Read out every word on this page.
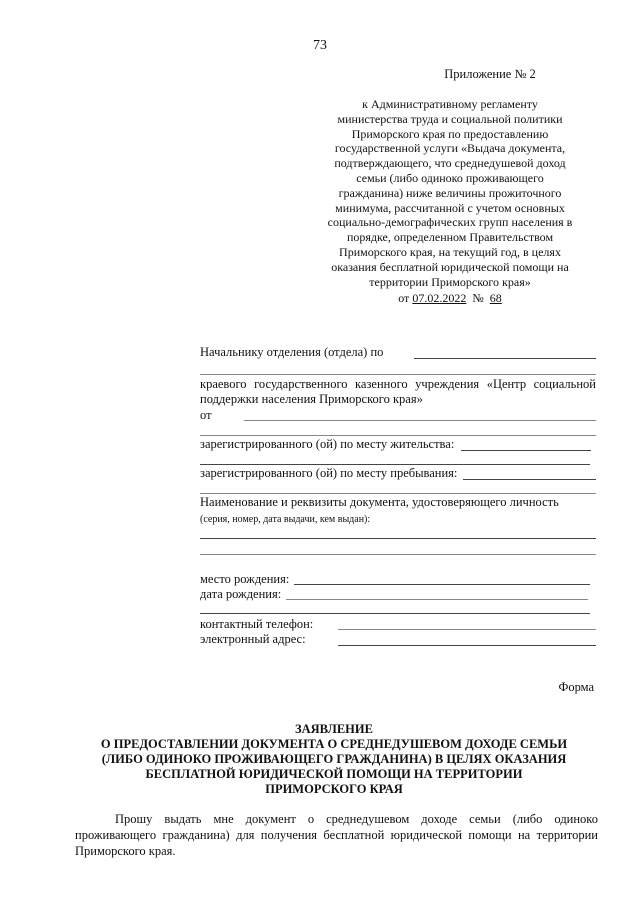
73
Приложение № 2
к Административному регламенту
министерства труда и социальной политики
Приморского края по предоставлению
государственной услуги «Выдача документа,
подтверждающего, что среднедушевой доход
семьи (либо одиноко проживающего
гражданина) ниже величины прожиточного
минимума, рассчитанной с учетом основных
социально-демографических групп населения в
порядке, определенном Правительством
Приморского края, на текущий год, в целях
оказания бесплатной юридической помощи на
территории Приморского края»
от 07.02.2022 № 68
Начальнику отделения (отдела) по
краевого государственного казенного учреждения «Центр социальной поддержки населения Приморского края»
от
зарегистрированного (ой) по месту жительства:
зарегистрированного (ой) по месту пребывания:
Наименование и реквизиты документа, удостоверяющего личность
(серия, номер, дата выдачи, кем выдан):
место рождения:
дата рождения:
контактный телефон:
электронный адрес:
Форма
ЗАЯВЛЕНИЕ
О ПРЕДОСТАВЛЕНИИ ДОКУМЕНТА О СРЕДНЕДУШЕВОМ ДОХОДЕ СЕМЬИ
(ЛИБО ОДИНОКО ПРОЖИВАЮЩЕГО ГРАЖДАНИНА) В ЦЕЛЯХ ОКАЗАНИЯ
БЕСПЛАТНОЙ ЮРИДИЧЕСКОЙ ПОМОЩИ НА ТЕРРИТОРИИ
ПРИМОРСКОГО КРАЯ
Прошу выдать мне документ о среднедушевом доходе семьи (либо одиноко проживающего гражданина) для получения бесплатной юридической помощи на территории Приморского края.
